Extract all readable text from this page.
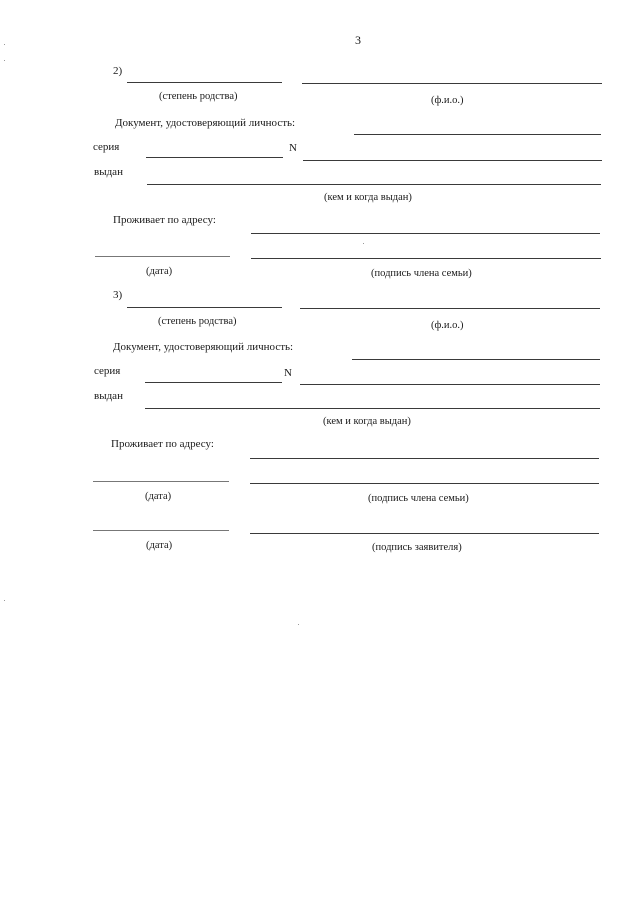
3
2)
(степень родства)	(ф.и.о.)
Документ, удостоверяющий личность:
серия	N
выдан
(кем и когда выдан)
Проживает по адресу:
(дата)	(подпись члена семьи)
3)
(степень родства)	(ф.и.о.)
Документ, удостоверяющий личность:
серия	N
выдан
(кем и когда выдан)
Проживает по адресу:
(дата)	(подпись члена семьи)
(дата)	(подпись заявителя)
